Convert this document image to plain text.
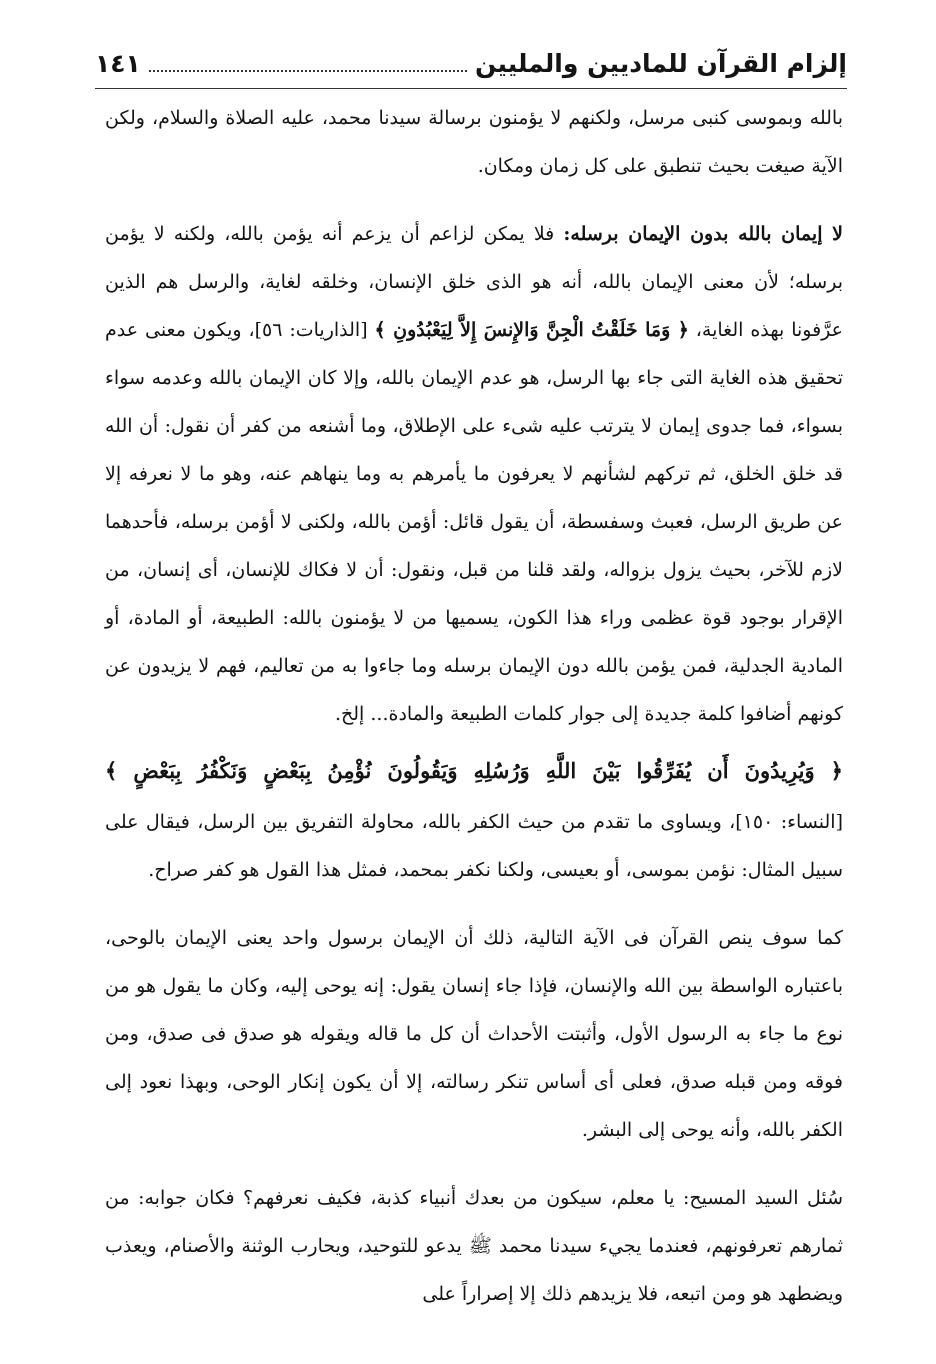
إلزام القرآن للماديين والمليين
١٤١

بالله وبموسى كنبى مرسل، ولكنهم لا يؤمنون برسالة سيدنا محمد، عليه الصلاة والسلام، ولكن الآية صيغت بحيث تنطبق على كل زمان ومكان.

لا إيمان بالله بدون الإيمان برسله: فلا يمكن لزاعم أن يزعم أنه يؤمن بالله، ولكنه لا يؤمن برسله؛ لأن معنى الإيمان بالله، أنه هو الذى خلق الإنسان، وخلقه لغاية، والرسل هم الذين عرَّفونا بهذه الغاية، ﴿ وَمَا خَلَقْتُ الْجِنَّ وَالإِنسَ إِلاَّ لِيَعْبُدُونِ ﴾ [الذاريات: ٥٦]، ويكون معنى عدم تحقيق هذه الغاية التى جاء بها الرسل، هو عدم الإيمان بالله، وإلا كان الإيمان بالله وعدمه سواء بسواء، فما جدوى إيمان لا يترتب عليه شىء على الإطلاق، وما أشنعه من كفر أن نقول: أن الله قد خلق الخلق، ثم تركهم لشأنهم لا يعرفون ما يأمرهم به وما ينهاهم عنه، وهو ما لا نعرفه إلا عن طريق الرسل، فعبث وسفسطة، أن يقول قائل: أؤمن بالله، ولكنى لا أؤمن برسله، فأحدهما لازم للآخر، بحيث يزول بزواله، ولقد قلنا من قبل، ونقول: أن لا فكاك للإنسان، أى إنسان، من الإقرار بوجود قوة عظمى وراء هذا الكون، يسميها من لا يؤمنون بالله: الطبيعة، أو المادة، أو المادية الجدلية، فمن يؤمن بالله دون الإيمان برسله وما جاءوا به من تعاليم، فهم لا يزيدون عن كونهم أضافوا كلمة جديدة إلى جوار كلمات الطبيعة والمادة... إلخ.

﴿ وَيُرِيدُونَ أَن يُفَرِّقُوا بَيْنَ اللَّهِ وَرُسُلِهِ وَيَقُولُونَ نُؤْمِنُ بِبَعْضٍ وَنَكْفُرُ بِبَعْضٍ ﴾

[النساء: ١٥٠]، ويساوى ما تقدم من حيث الكفر بالله، محاولة التفريق بين الرسل، فيقال على سبيل المثال: نؤمن بموسى، أو بعيسى، ولكنا نكفر بمحمد، فمثل هذا القول هو كفر صراح.

كما سوف ينص القرآن فى الآية التالية، ذلك أن الإيمان برسول واحد يعنى الإيمان بالوحى، باعتباره الواسطة بين الله والإنسان، فإذا جاء إنسان يقول: إنه يوحى إليه، وكان ما يقول هو من نوع ما جاء به الرسول الأول، وأثبتت الأحداث أن كل ما قاله ويقوله هو صدق فى صدق، ومن فوقه ومن قبله صدق، فعلى أى أساس تنكر رسالته، إلا أن يكون إنكار الوحى، وبهذا نعود إلى الكفر بالله، وأنه يوحى إلى البشر.

سُئل السيد المسيح: يا معلم، سيكون من بعدك أنبياء كذبة، فكيف نعرفهم؟ فكان جوابه: من ثمارهم تعرفونهم، فعندما يجيء سيدنا محمد ﷺ يدعو للتوحيد، ويحارب الوثنة والأصنام، ويعذب ويضطهد هو ومن اتبعه، فلا يزيدهم ذلك إلا إصراراً على
